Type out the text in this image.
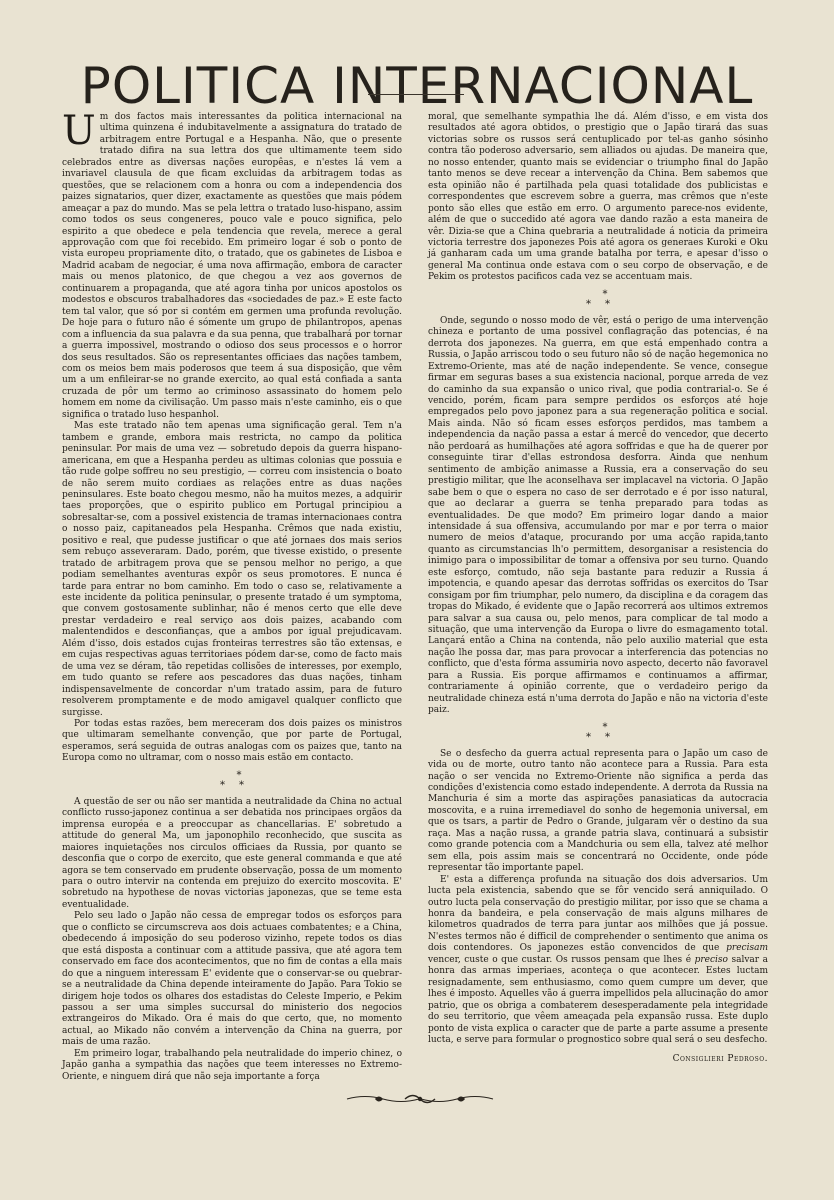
POLITICA INTERNACIONAL

Um dos factos mais interessantes da politica internacional na ultima quinzena é indubitavelmente a assignatura do tratado de arbitragem entre Portugal e a Hespanha. Não, que o presente tratado difira na sua lettra dos que ultimamente teem sido celebrados entre as diversas nações europêas, e n'estes lá vem a invariavel clausula de que ficam excluidas da arbitragem todas as questões, que se relacionem com a honra ou com a independencia dos paizes signatarios, quer dizer, exactamente as questões que mais pódem ameaçar a paz do mundo. Mas se pela lettra o tratado luso-hispano, assim como todos os seus congeneres, pouco vale e pouco significa, pelo espirito a que obedece e pela tendencia que revela, merece a geral approvação com que foi recebido. Em primeiro logar é sob o ponto de vista europeu propriamente dito, o tratado, que os gabinetes de Lisboa e Madrid acabam de negociar, é uma nova affirmação, embora de caracter mais ou menos platonico, de que chegou a vez aos governos de continuarem a propaganda, que até agora tinha por unicos apostolos os modestos e obscuros trabalhadores das «sociedades de paz.» E este facto tem tal valor, que só por si contém em germen uma profunda revolução. De hoje para o futuro não é sómente um grupo de philantropos, apenas com a influencia da sua palavra e da sua penna, que trabalhará por tornar a guerra impossivel, mostrando o odioso dos seus processos e o horror dos seus resultados. São os representantes officiaes das nações tambem, com os meios bem mais poderosos que teem á sua disposição, que vêm um a um enfileirar-se no grande exercito, ao qual está confiada a santa cruzada de pôr um termo ao criminoso assassinato do homem pelo homem em nome da civilisação. Um passo mais n'este caminho, eis o que significa o tratado luso hespanhol.

Mas este tratado não tem apenas uma significação geral. Tem n'a tambem e grande, embora mais restricta, no campo da politica peninsular. Por mais de uma vez — sobretudo depois da guerra hispano-americana, em que a Hespanha perdeu as ultimas colonias que possuia e tão rude golpe soffreu no seu prestigio, — correu com insistencia o boato de não serem muito cordiaes as relações entre as duas nações peninsulares. Este boato chegou mesmo, não ha muitos mezes, a adquirir taes proporções, que o espirito publico em Portugal principiou a sobresaltar-se, com a possivel existencia de tramas internacionaes contra o nosso paiz, capitaneados pela Hespanha. Crêmos que nada existiu, positivo e real, que pudesse justificar o que até jornaes dos mais serios sem rebuço asseveraram. Dado, porém, que tivesse existido, o presente tratado de arbitragem prova que se pensou melhor no perigo, a que podiam semelhantes aventuras expôr os seus promotores. E nunca é tarde para entrar no bom caminho. Em todo o caso se, relativamente a este incidente da politica peninsular, o presente tratado é um symptoma, que convem gostosamente sublinhar, não é menos certo que elle deve prestar verdadeiro e real serviço aos dois paizes, acabando com malentendidos e desconfianças, que a ambos por igual prejudicavam. Além d'isso, dois estados cujas fronteiras terrestres são tão extensas, e em cujas respectivas aguas territoriaes pódem dar-se, como de facto mais de uma vez se déram, tão repetidas collisões de interesses, por exemplo, em tudo quanto se refere aos pescadores das duas nações, tinham indispensavelmente de concordar n'um tratado assim, para de futuro resolverem promptamente e de modo amigavel qualquer conflicto que surgisse.

Por todas estas razões, bem mereceram dos dois paizes os ministros que ultimaram semelhante convenção, que por parte de Portugal, esperamos, será seguida de outras analogas com os paizes que, tanto na Europa como no ultramar, com o nosso mais estão em contacto.

*
**

A questão de ser ou não ser mantida a neutralidade da China no actual conflicto russo-japonez continua a ser debatida nos principaes orgãos da imprensa européa e a preoccupar as chancellarias. E' sobretudo a attitude do general Ma, um japonophilo reconhecido, que suscita as maiores inquietações nos circulos officiaes da Russia, por quanto se desconfia que o corpo de exercito, que este general commanda e que até agora se tem conservado em prudente observação, possa de um momento para o outro intervir na contenda em prejuizo do exercito moscovita. E' sobretudo na hypothese de novas victorias japonezas, que se teme esta eventualidade.

Pelo seu lado o Japão não cessa de empregar todos os esforços para que o conflicto se circumscreva aos dois actuaes combatentes; e a China, obedecendo á imposição do seu poderoso vizinho, repete todos os dias que está disposta a continuar com a attitude passiva, que até agora tem conservado em face dos acontecimentos, que no fim de contas a ella mais do que a ninguem interessam E' evidente que o conservar-se ou quebrar-se a neutralidade da China depende inteiramente do Japão. Para Tokio se dirigem hoje todos os olhares dos estadistas do Celeste Imperio, e Pekim passou a ser uma simples succursal do ministerio dos negocios extrangeiros do Mikado. Ora é mais do que certo, que, no momento actual, ao Mikado não convém a intervenção da China na guerra, por mais de uma razão.

Em primeiro logar, trabalhando pela neutralidade do imperio chinez, o Japão ganha a sympathia das nações que teem interesses no Extremo-Oriente, e ninguem dirá que não seja importante a força

moral, que semelhante sympathia lhe dá. Além d'isso, e em vista dos resultados até agora obtidos, o prestigio que o Japão tirará das suas victorias sobre os russos será centuplicado por tel-as ganho sósinho contra tão poderoso adversario, sem alliados ou ajudas. De maneira que, no nosso entender, quanto mais se evidenciar o triumpho final do Japão tanto menos se deve recear a intervenção da China. Bem sabemos que esta opinião não é partilhada pela quasi totalidade dos publicistas e correspondentes que escrevem sobre a guerra, mas crêmos que n'este ponto são elles que estão em erro. O argumento parece-nos evidente, além de que o succedido até agora vae dando razão a esta maneira de vêr. Dizia-se que a China quebraria a neutralidade á noticia da primeira victoria terrestre dos japonezes Pois até agora os generaes Kuroki e Oku já ganharam cada um uma grande batalha por terra, e apesar d'isso o general Ma continua onde estava com o seu corpo de observação, e de Pekim os protestos pacificos cada vez se accentuam mais.

*
**

Onde, segundo o nosso modo de vêr, está o perigo de uma intervenção chineza e portanto de uma possivel conflagração das potencias, é na derrota dos japonezes. Na guerra, em que está empenhado contra a Russia, o Japão arriscou todo o seu futuro não só de nação hegemonica no Extremo-Oriente, mas até de nação independente. Se vence, consegue firmar em seguras bases a sua existencia nacional, porque arreda de vez do caminho da sua expansão o unico rival, que podia contrarial-o. Se é vencido, porém, ficam para sempre perdidos os esforços até hoje empregados pelo povo japonez para a sua regeneração politica e social. Mais ainda. Não só ficam esses esforços perdidos, mas tambem a independencia da nação passa a estar á mercê do vencedor, que decerto não perdoará as humilhações até agora soffridas e que ha de querer por conseguinte tirar d'ellas estrondosa desforra. Ainda que nenhum sentimento de ambição animasse a Russia, era a conservação do seu prestigio militar, que lhe aconselhava ser implacavel na victoria. O Japão sabe bem o que o espera no caso de ser derrotado e é por isso natural, que ao declarar a guerra se tenha preparado para todas as eventualidades. De que modo? Em primeiro logar dando a maior intensidade á sua offensiva, accumulando por mar e por terra o maior numero de meios d'ataque, procurando por uma acção rapida,tanto quanto as circumstancias lh'o permittem, desorganisar a resistencia do inimigo para o impossibilitar de tomar a offensiva por seu turno. Quando este esforço, comtudo, não seja bastante para reduzir a Russia á impotencia, e quando apesar das derrotas soffridas os exercitos do Tsar consigam por fim triumphar, pelo numero, da disciplina e da coragem das tropas do Mikado, é evidente que o Japão recorrerá aos ultimos extremos para salvar a sua causa ou, pelo menos, para complicar de tal modo a situação, que uma intervenção da Europa o livre do esmagamento total. Lançará então a China na contenda, não pelo auxilio material que esta nação lhe possa dar, mas para provocar a interferencia das potencias no conflicto, que d'esta fórma assumiria novo aspecto, decerto não favoravel para a Russia. Eis porque affirmamos e continuamos a affirmar, contrariamente á opinião corrente, que o verdadeiro perigo da neutralidade chineza está n'uma derrota do Japão e não na victoria d'este paiz.

*
**

Se o desfecho da guerra actual representa para o Japão um caso de vida ou de morte, outro tanto não acontece para a Russia. Para esta nação o ser vencida no Extremo-Oriente não significa a perda das condições d'existencia como estado independente. A derrota da Russia na Manchuria é sim a morte das aspirações panasiaticas da autocracia moscovita, e a ruina irremediavel do sonho de hegemonia universal, em que os tsars, a partir de Pedro o Grande, julgaram vêr o destino da sua raça. Mas a nação russa, a grande patria slava, continuará a subsistir como grande potencia com a Mandchuria ou sem ella, talvez até melhor sem ella, pois assim mais se concentrará no Occidente, onde póde representar tão importante papel.

E' esta a differença profunda na situação dos dois adversarios. Um lucta pela existencia, sabendo que se fôr vencido será anniquilado. O outro lucta pela conservação do prestigio militar, por isso que se chama a honra da bandeira, e pela conservação de mais alguns milhares de kilometros quadrados de terra para juntar aos milhões que já possue. N'estes termos não é difficil de comprehender o sentimento que anima os dois contendores. Os japonezes estão convencidos de que precisam vencer, custe o que custar. Os russos pensam que lhes é preciso salvar a honra das armas imperiaes, aconteça o que acontecer. Estes luctam resignadamente, sem enthusiasmo, como quem cumpre um dever, que lhes é imposto. Aquelles vão á guerra impellidos pela allucinação do amor patrio, que os obriga a combaterem desesperadamente pela integridade do seu territorio, que vêem ameaçada pela expansão russa. Este duplo ponto de vista explica o caracter que de parte a parte assume a presente lucta, e serve para formular o prognostico sobre qual será o seu desfecho.

Consiglieri Pedroso.
